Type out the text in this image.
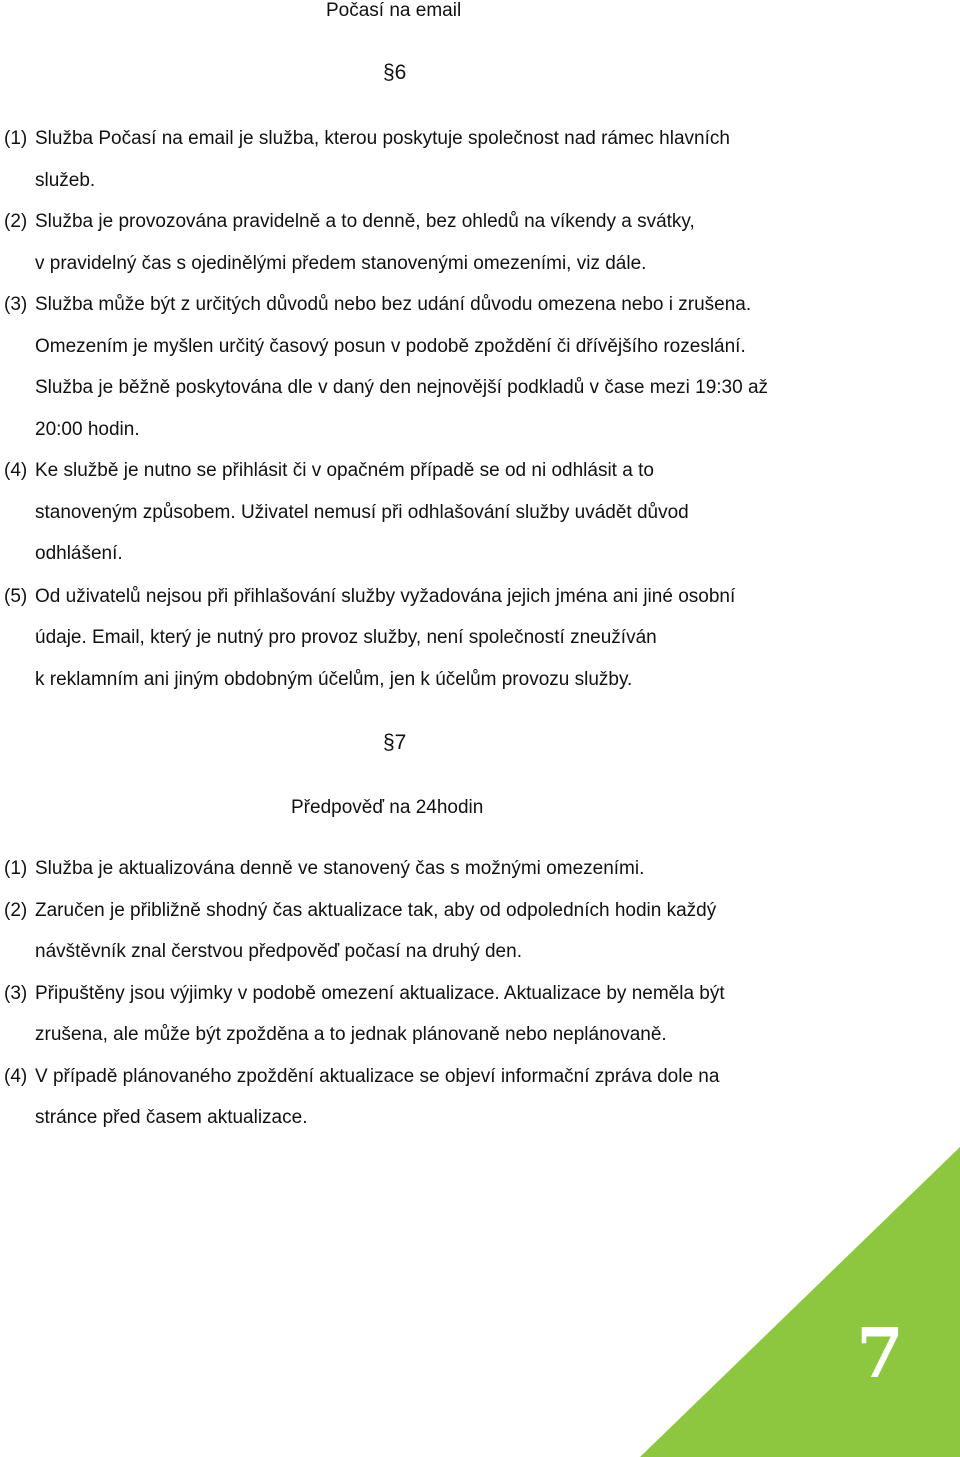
Počasí na email
§6
(1) Služba Počasí na email je služba, kterou poskytuje společnost nad rámec hlavních
služeb.
(2) Služba je provozována pravidelně a to denně, bez ohledů na víkendy a svátky,
v pravidelný čas s ojedinělými předem stanovenými omezeními, viz dále.
(3) Služba může být z určitých důvodů nebo bez udání důvodu omezena nebo i zrušena.
Omezením je myšlen určitý časový posun v podobě zpoždění či dřívějšího rozeslání.
Služba je běžně poskytována dle v daný den nejnovější podkladů v čase mezi 19:30 až
20:00 hodin.
(4) Ke službě je nutno se přihlásit či v opačném případě se od ni odhlásit a to
stanoveným způsobem. Uživatel nemusí při odhlašování služby uvádět důvod
odhlášení.
(5) Od uživatelů nejsou při přihlašování služby vyžadována jejich jména ani jiné osobní
údaje. Email, který je nutný pro provoz služby, není společností zneužíván
k reklamním ani jiným obdobným účelům, jen k účelům provozu služby.
§7
Předpověď na 24hodin
(1) Služba je aktualizována denně ve stanovený čas s možnými omezeními.
(2) Zaručen je přibližně shodný čas aktualizace tak, aby od odpoledních hodin každý
návštěvník znal čerstvou předpověď počasí na druhý den.
(3) Připuštěny jsou výjimky v podobě omezení aktualizace. Aktualizace by neměla být
zrušena, ale může být zpožděna a to jednak plánovaně nebo neplánovaně.
(4) V případě plánovaného zpoždění aktualizace se objeví informační zpráva dole na
stránce před časem aktualizace.
7
